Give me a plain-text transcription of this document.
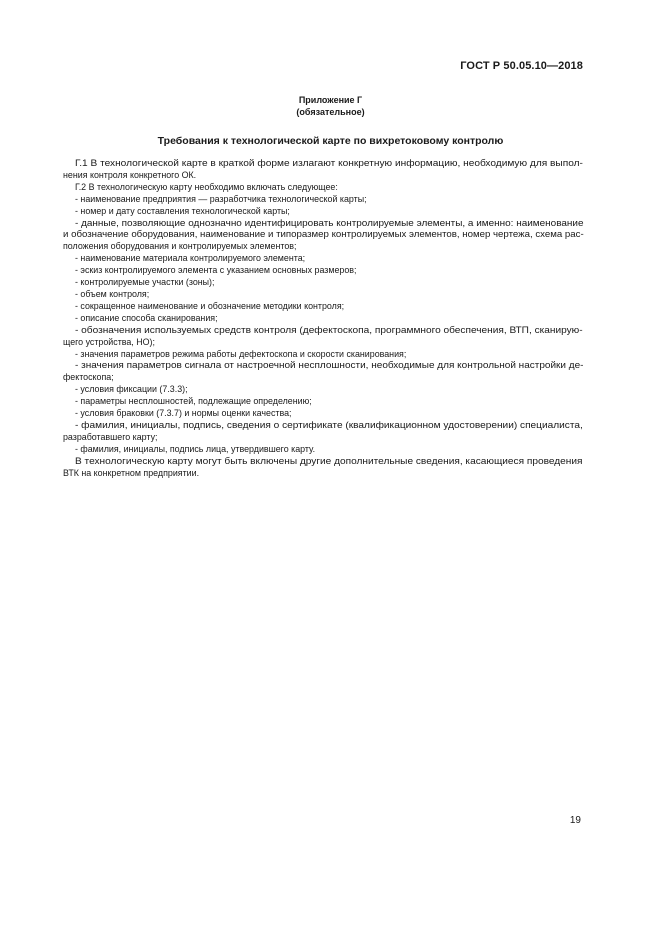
ГОСТ Р 50.05.10—2018
Приложение Г
(обязательное)
Требования к технологической карте по вихретоковому контролю
Г.1 В технологической карте в краткой форме излагают конкретную информацию, необходимую для выпол-
нения контроля конкретного ОК.
Г.2 В технологическую карту необходимо включать следующее:
- наименование предприятия — разработчика технологической карты;
- номер и дату составления технологической карты;
- данные, позволяющие однозначно идентифицировать контролируемые элементы, а именно: наименование
и обозначение оборудования, наименование и типоразмер контролируемых элементов, номер чертежа, схема рас-
положения оборудования и контролируемых элементов;
- наименование материала контролируемого элемента;
- эскиз контролируемого элемента с указанием основных размеров;
- контролируемые участки (зоны);
- объем контроля;
- сокращенное наименование и обозначение методики контроля;
- описание способа сканирования;
- обозначения используемых средств контроля (дефектоскопа, программного обеспечения, ВТП, сканирую-
щего устройства, НО);
- значения параметров режима работы дефектоскопа и скорости сканирования;
- значения параметров сигнала от настроечной несплошности, необходимые для контрольной настройки де-
фектоскопа;
- условия фиксации (7.3.3);
- параметры несплошностей, подлежащие определению;
- условия браковки (7.3.7) и нормы оценки качества;
- фамилия, инициалы, подпись, сведения о сертификате (квалификационном удостоверении) специалиста,
разработавшего карту;
- фамилия, инициалы, подпись лица, утвердившего карту.
В технологическую карту могут быть включены другие дополнительные сведения, касающиеся проведения
ВТК на конкретном предприятии.
19
